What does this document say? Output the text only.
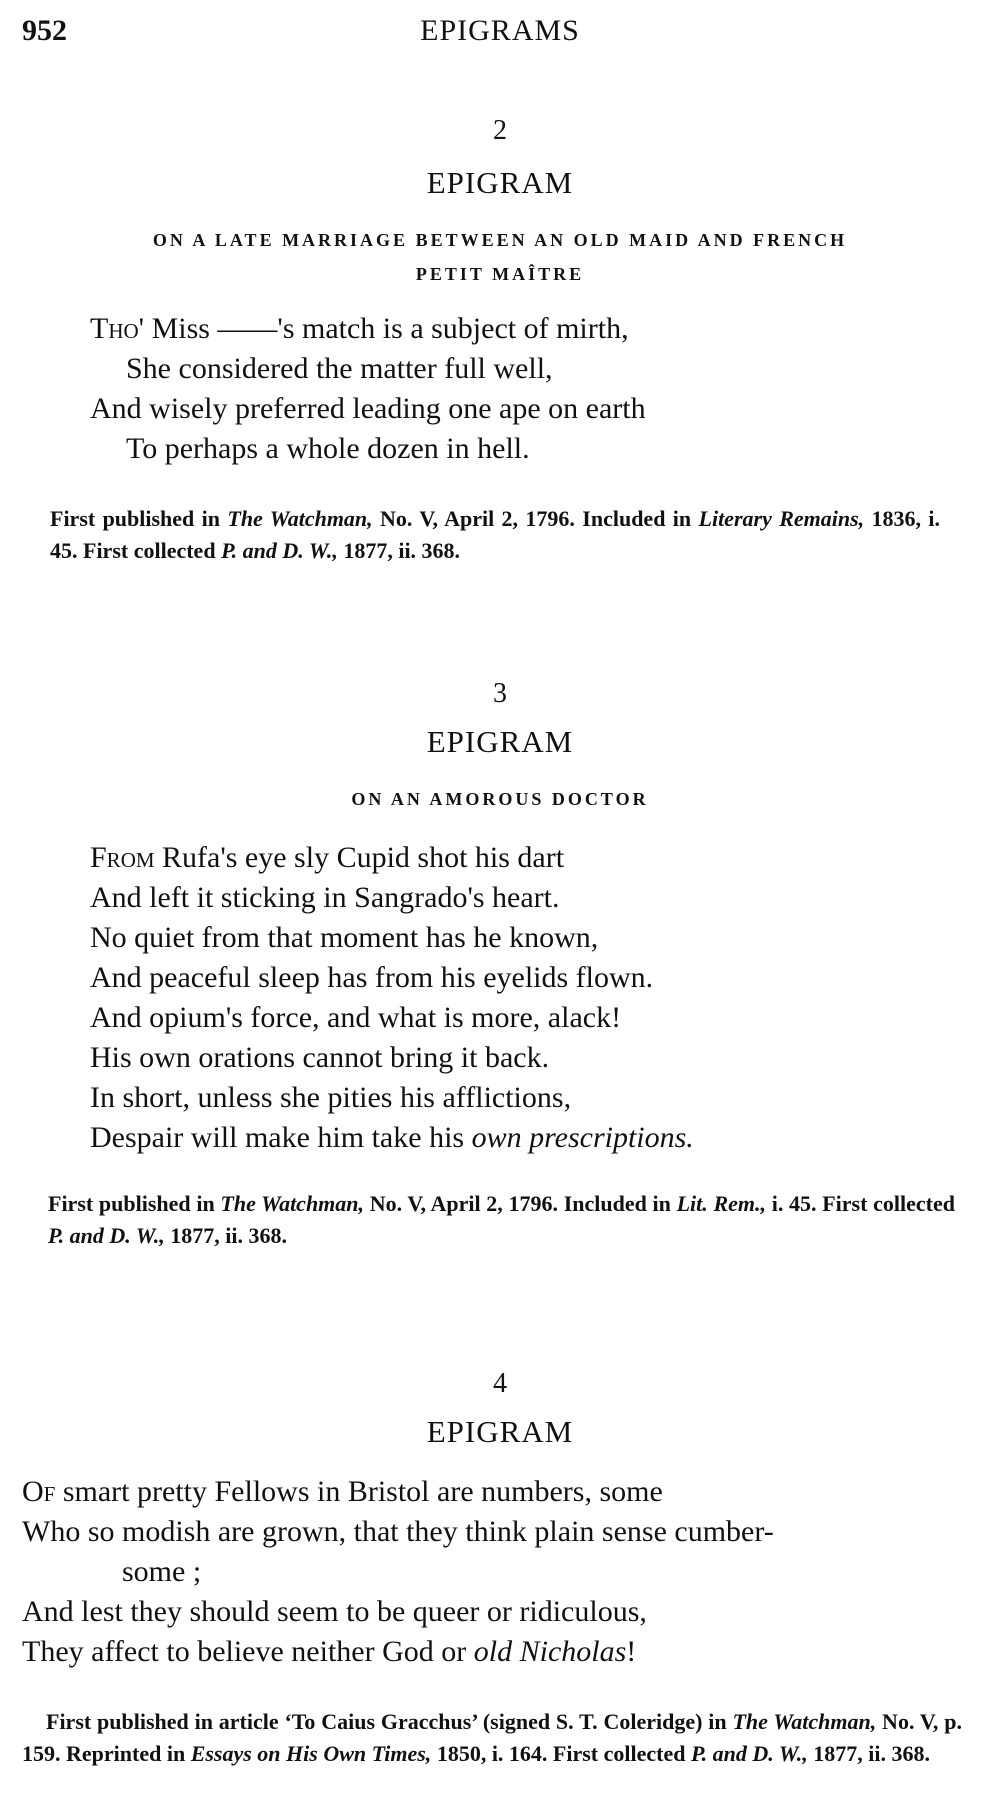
952	EPIGRAMS
2
EPIGRAM
ON A LATE MARRIAGE BETWEEN AN OLD MAID AND FRENCH
PETIT MAÎTRE
Tho' Miss ——'s match is a subject of mirth,
She considered the matter full well,
And wisely preferred leading one ape on earth
To perhaps a whole dozen in hell.
First published in The Watchman, No. V, April 2, 1796. Included in Literary Remains, 1836, i. 45. First collected P. and D. W., 1877, ii. 368.
3
EPIGRAM
ON AN AMOROUS DOCTOR
From Rufa's eye sly Cupid shot his dart
And left it sticking in Sangrado's heart.
No quiet from that moment has he known,
And peaceful sleep has from his eyelids flown.
And opium's force, and what is more, alack!
His own orations cannot bring it back.
In short, unless she pities his afflictions,
Despair will make him take his own prescriptions.
First published in The Watchman, No. V, April 2, 1796. Included in Lit. Rem., i. 45. First collected P. and D. W., 1877, ii. 368.
4
EPIGRAM
Of smart pretty Fellows in Bristol are numbers, some
Who so modish are grown, that they think plain sense cumber-
some ;
And lest they should seem to be queer or ridiculous,
They affect to believe neither God or old Nicholas!
First published in article ‘To Caius Gracchus’ (signed S. T. Coleridge) in The Watchman, No. V, p. 159. Reprinted in Essays on His Own Times, 1850, i. 164. First collected P. and D. W., 1877, ii. 368.
